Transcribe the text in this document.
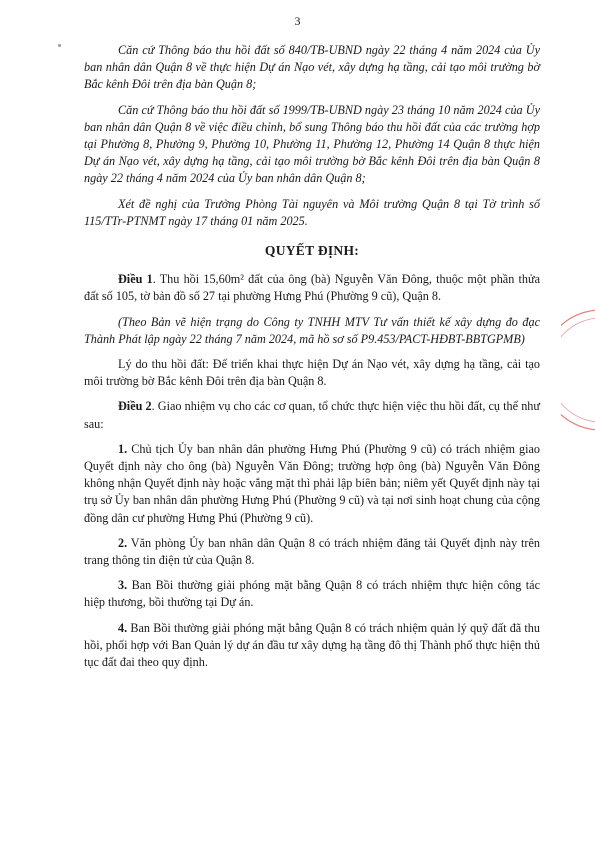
3

Căn cứ Thông báo thu hồi đất số 840/TB-UBND ngày 22 tháng 4 năm 2024 của Ủy ban nhân dân Quận 8 về thực hiện Dự án Nạo vét, xây dựng hạ tầng, cải tạo môi trường bờ Bắc kênh Đôi trên địa bàn Quận 8;

Căn cứ Thông báo thu hồi đất số 1999/TB-UBND ngày 23 tháng 10 năm 2024 của Ủy ban nhân dân Quận 8 về việc điều chỉnh, bổ sung Thông báo thu hồi đất của các trường hợp tại Phường 8, Phường 9, Phường 10, Phường 11, Phường 12, Phường 14 Quận 8 thực hiện Dự án Nạo vét, xây dựng hạ tầng, cải tạo môi trường bờ Bắc kênh Đôi trên địa bàn Quận 8 ngày 22 tháng 4 năm 2024 của Ủy ban nhân dân Quận 8;

Xét đề nghị của Trưởng Phòng Tài nguyên và Môi trường Quận 8 tại Tờ trình số 115/TTr-PTNMT ngày 17 tháng 01 năm 2025.

QUYẾT ĐỊNH:

Điều 1. Thu hồi 15,60m² đất của ông (bà) Nguyễn Văn Đông, thuộc một phần thửa đất số 105, tờ bản đồ số 27 tại phường Hưng Phú (Phường 9 cũ), Quận 8.

(Theo Bản vẽ hiện trạng do Công ty TNHH MTV Tư vấn thiết kế xây dựng đo đạc Thành Phát lập ngày 22 tháng 7 năm 2024, mã hồ sơ số P9.453/PACT-HĐBT-BBTGPMB)

Lý do thu hồi đất: Để triển khai thực hiện Dự án Nạo vét, xây dựng hạ tầng, cải tạo môi trường bờ Bắc kênh Đôi trên địa bàn Quận 8.

Điều 2. Giao nhiệm vụ cho các cơ quan, tổ chức thực hiện việc thu hồi đất, cụ thể như sau:

1. Chủ tịch Ủy ban nhân dân phường Hưng Phú (Phường 9 cũ) có trách nhiệm giao Quyết định này cho ông (bà) Nguyễn Văn Đông; trường hợp ông (bà) Nguyễn Văn Đông không nhận Quyết định này hoặc vắng mặt thì phải lập biên bản; niêm yết Quyết định này tại trụ sở Ủy ban nhân dân phường Hưng Phú (Phường 9 cũ) và tại nơi sinh hoạt chung của cộng đồng dân cư phường Hưng Phú (Phường 9 cũ).

2. Văn phòng Ủy ban nhân dân Quận 8 có trách nhiệm đăng tải Quyết định này trên trang thông tin điện tử của Quận 8.

3. Ban Bồi thường giải phóng mặt bằng Quận 8 có trách nhiệm thực hiện công tác hiệp thương, bồi thường tại Dự án.

4. Ban Bồi thường giải phóng mặt bằng Quận 8 có trách nhiệm quản lý quỹ đất đã thu hồi, phối hợp với Ban Quản lý dự án đầu tư xây dựng hạ tầng đô thị Thành phố thực hiện thủ tục đất đai theo quy định.
